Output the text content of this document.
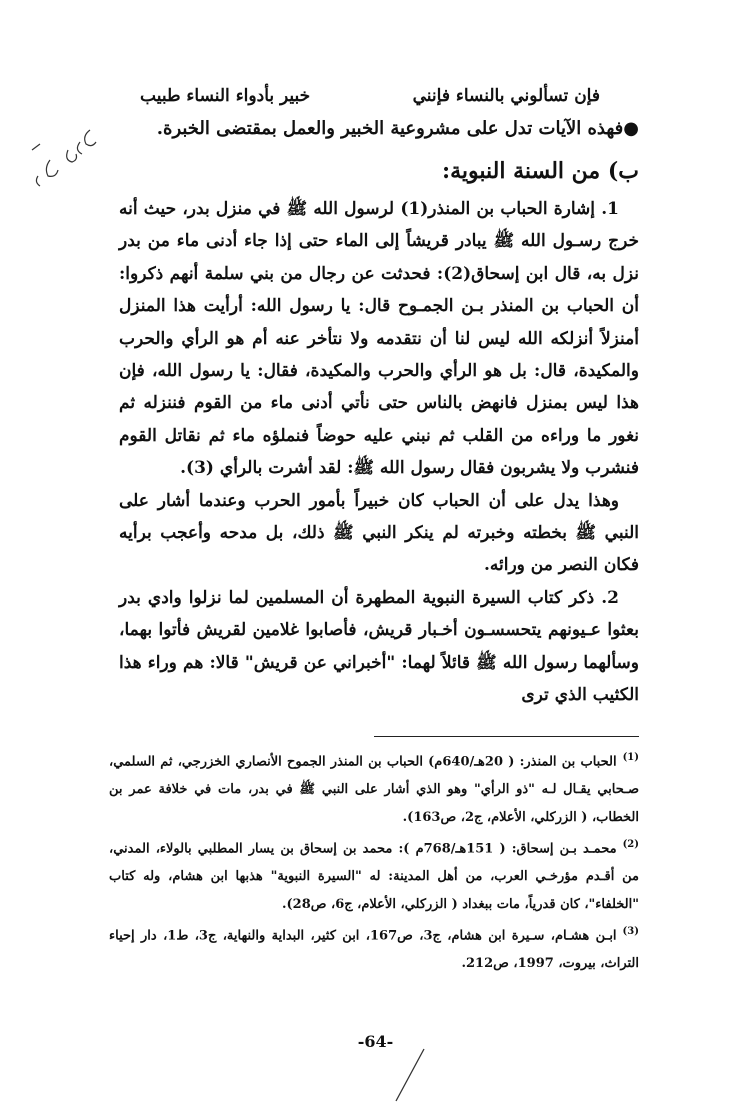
فإن تسألوني بالنساء فإنني
خبير بأدواء النساء طبيب
●فهذه الآيات تدل على مشروعية الخبير والعمل بمقتضى الخبرة.
ب) من السنة النبوية:

1. إشارة الحباب بن المنذر(1) لرسول الله ﷺ في منزل بدر، حيث أنه خرج رسـول الله ﷺ يبادر قريشاً إلى الماء حتى إذا جاء أدنى ماء من بدر نزل به، قال ابن إسحاق(2): فحدثت عن رجال من بني سلمة أنهم ذكروا: أن الحباب بن المنذر بـن الجمـوح قال: يا رسول الله: أرأيت هذا المنزل أمنزلاً أنزلكه الله ليس لنا أن نتقدمه ولا نتأخر عنه أم هو الرأي والحرب والمكيدة، قال: بل هو الرأي والحرب والمكيدة، فقال: يا رسول الله، فإن هذا ليس بمنزل فانهض بالناس حتى نأتي أدنى ماء من القوم فننزله ثم نغور ما وراءه من القلب ثم نبني عليه حوضاً فنملؤه ماء ثم نقاتل القوم فنشرب ولا يشربون فقال رسول الله ﷺ: لقد أشرت بالرأي (3).

وهذا يدل على أن الحباب كان خبيراً بأمور الحرب وعندما أشار على النبي ﷺ بخطته وخبرته لم ينكر النبي ﷺ ذلك، بل مدحه وأعجب برأيه فكان النصر من ورائه.

2. ذكر كتاب السيرة النبوية المطهرة أن المسلمين لما نزلوا وادي بدر بعثوا عـيونهم يتحسسـون أخـبار قريش، فأصابوا غلامين لقريش فأتوا بهما، وسألهما رسول الله ﷺ قائلاً لهما: "أخبراني عن قريش" قالا: هم وراء هذا الكثيب الذي ترى

$^{(1)}$الحباب بن المنذر: ( 20هـ/640م) الحباب بن المنذر الجموح الأنصاري الخزرجي، ثم السلمي، صـحابي يقـال لـه "ذو الرأي" وهو الذي أشار على النبي ﷺ في بدر، مات في خلافة عمر بن الخطاب، ( الزركلي، الأعلام، ج2، ص163).

$^{(2)}$محمـد بـن إسحاق: ( 151هـ/768م ): محمد بن إسحاق بن يسار المطلبي بالولاء، المدني، من أقـدم مؤرخـي العرب، من أهل المدينة: له "السيرة النبوية" هذبها ابن هشام، وله كتاب "الخلفاء"، كان قدرياً، مات ببغداد ( الزركلي، الأعلام، ج6، ص28).

$^{(3)}$ابـن هشـام، سـيرة ابن هشام، ج3، ص167، ابن كثير، البداية والنهاية، ج3، ط1، دار إحياء التراث، بيروت، 1997، ص212.

-64-
